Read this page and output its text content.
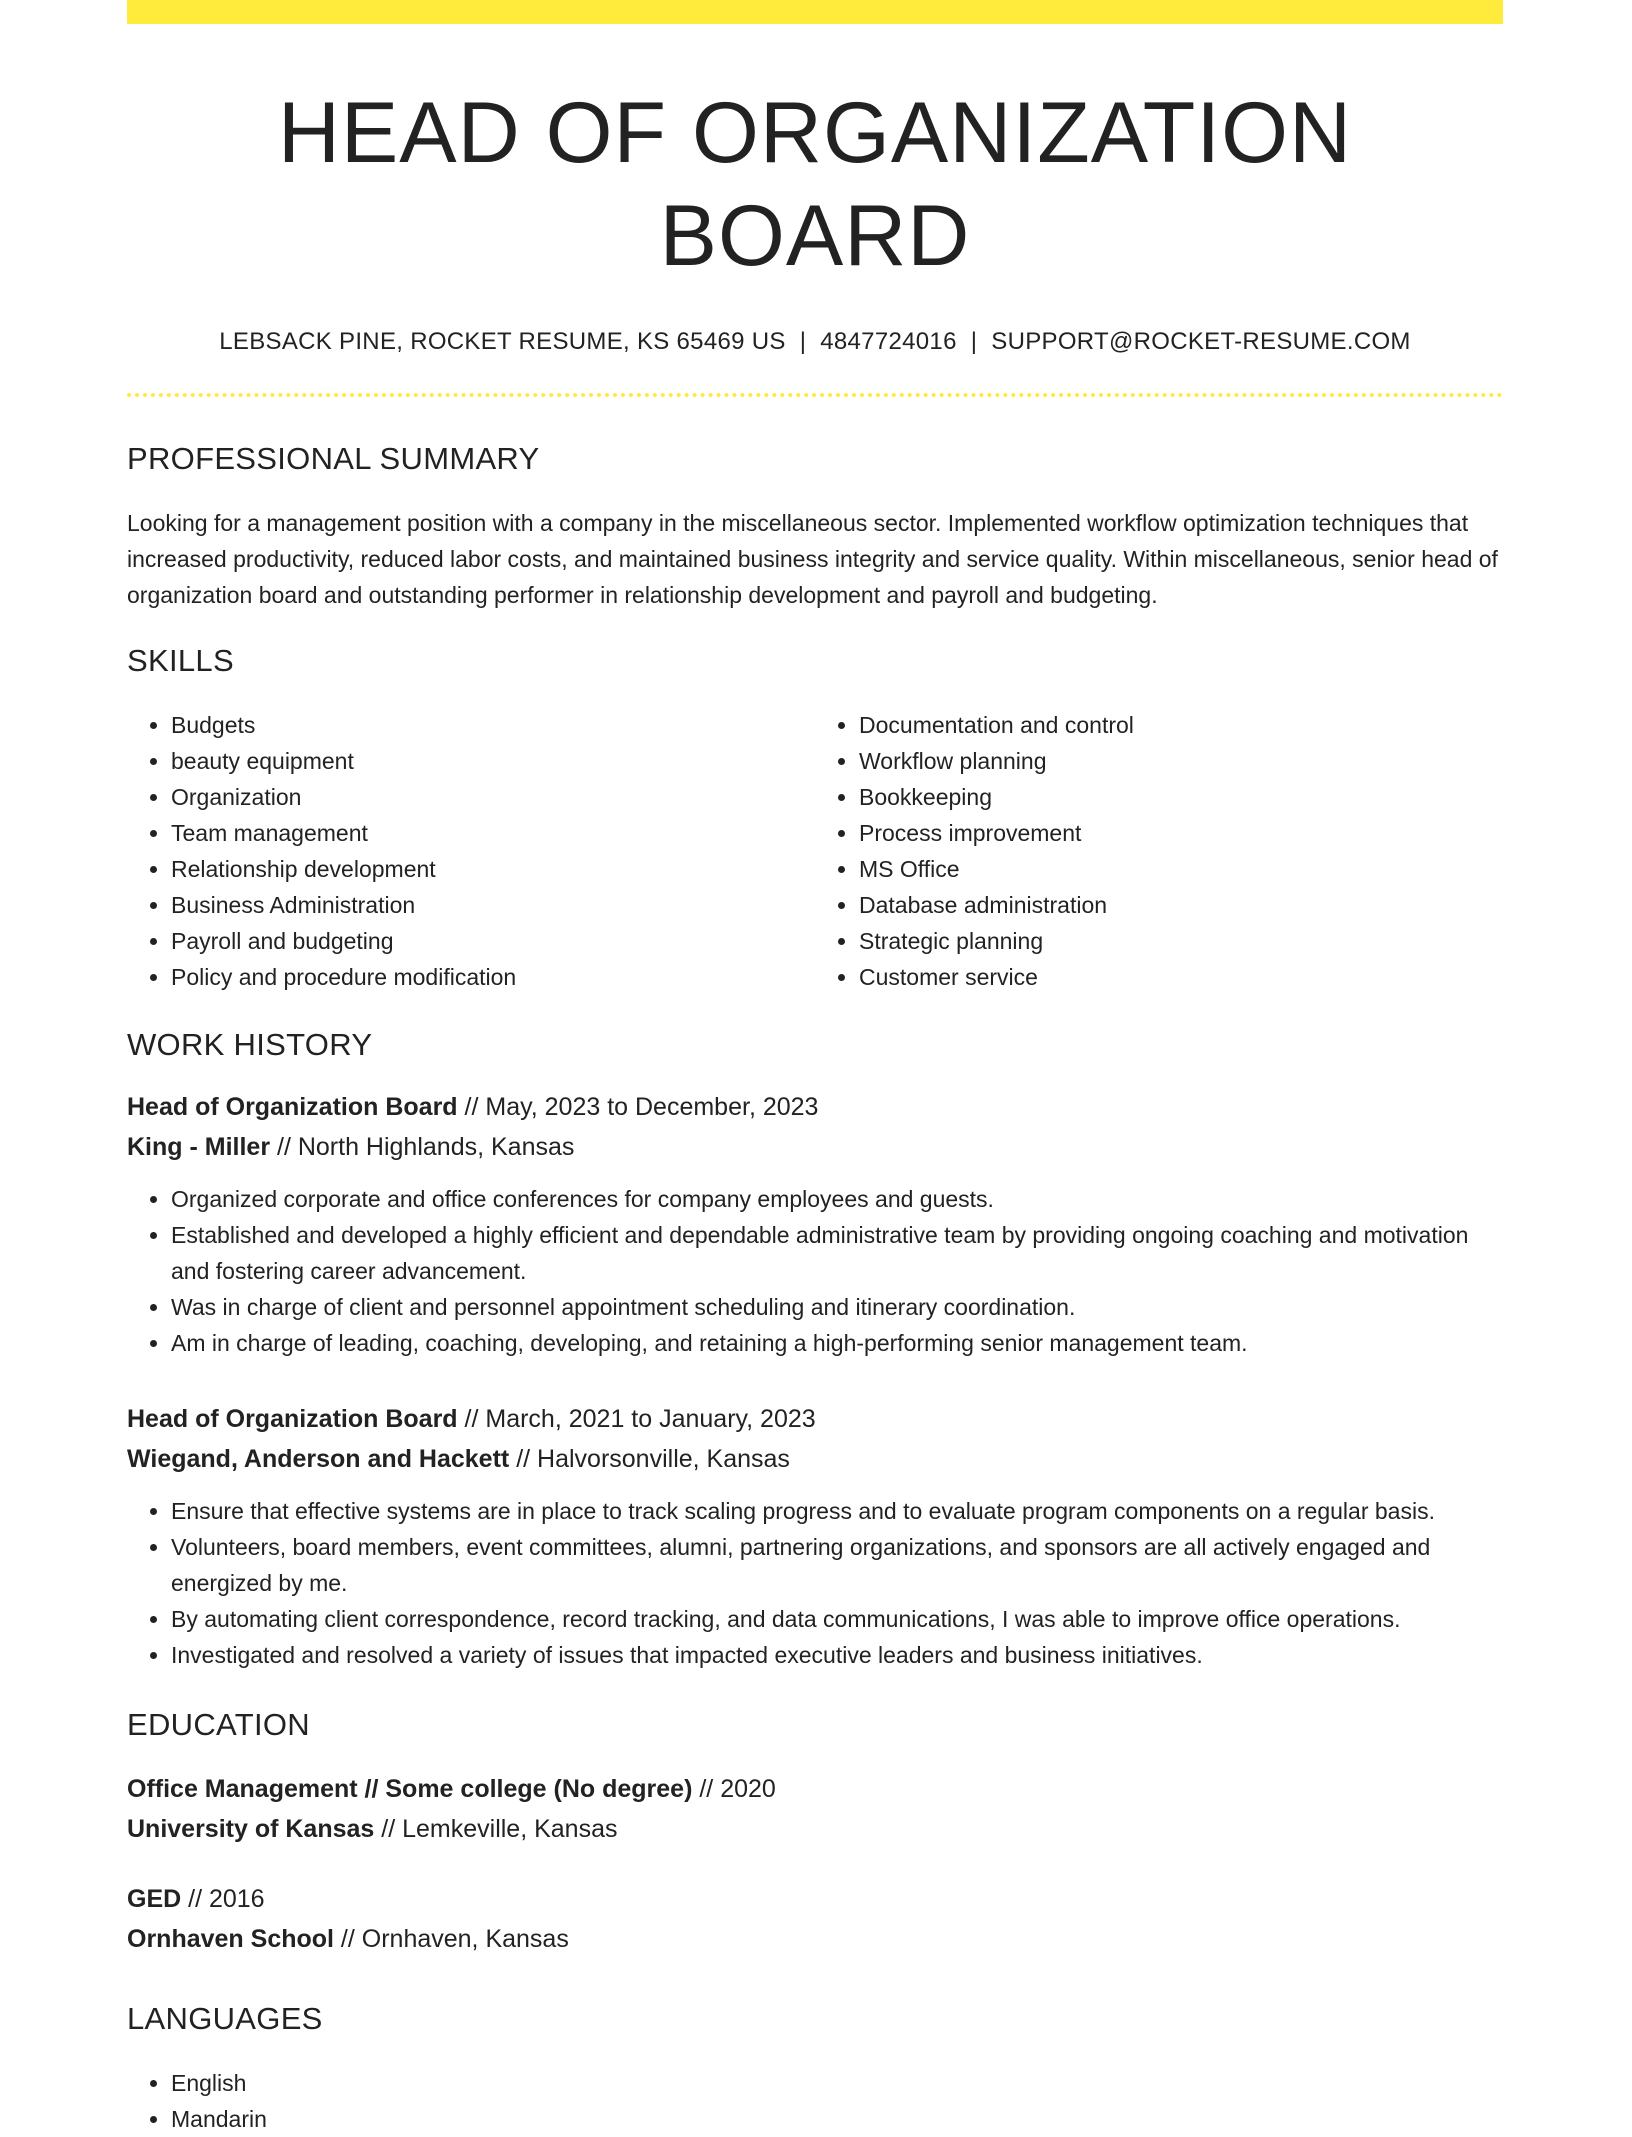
HEAD OF ORGANIZATION BOARD
LEBSACK PINE, ROCKET RESUME, KS 65469 US | 4847724016 | SUPPORT@ROCKET-RESUME.COM
PROFESSIONAL SUMMARY
Looking for a management position with a company in the miscellaneous sector. Implemented workflow optimization techniques that increased productivity, reduced labor costs, and maintained business integrity and service quality. Within miscellaneous, senior head of organization board and outstanding performer in relationship development and payroll and budgeting.
SKILLS
• Budgets
• beauty equipment
• Organization
• Team management
• Relationship development
• Business Administration
• Payroll and budgeting
• Policy and procedure modification
• Documentation and control
• Workflow planning
• Bookkeeping
• Process improvement
• MS Office
• Database administration
• Strategic planning
• Customer service
WORK HISTORY
Head of Organization Board // May, 2023 to December, 2023
King - Miller // North Highlands, Kansas
• Organized corporate and office conferences for company employees and guests.
• Established and developed a highly efficient and dependable administrative team by providing ongoing coaching and motivation and fostering career advancement.
• Was in charge of client and personnel appointment scheduling and itinerary coordination.
• Am in charge of leading, coaching, developing, and retaining a high-performing senior management team.
Head of Organization Board // March, 2021 to January, 2023
Wiegand, Anderson and Hackett // Halvorsonville, Kansas
• Ensure that effective systems are in place to track scaling progress and to evaluate program components on a regular basis.
• Volunteers, board members, event committees, alumni, partnering organizations, and sponsors are all actively engaged and energized by me.
• By automating client correspondence, record tracking, and data communications, I was able to improve office operations.
• Investigated and resolved a variety of issues that impacted executive leaders and business initiatives.
EDUCATION
Office Management // Some college (No degree) // 2020
University of Kansas // Lemkeville, Kansas
GED // 2016
Ornhaven School // Ornhaven, Kansas
LANGUAGES
• English
• Mandarin
